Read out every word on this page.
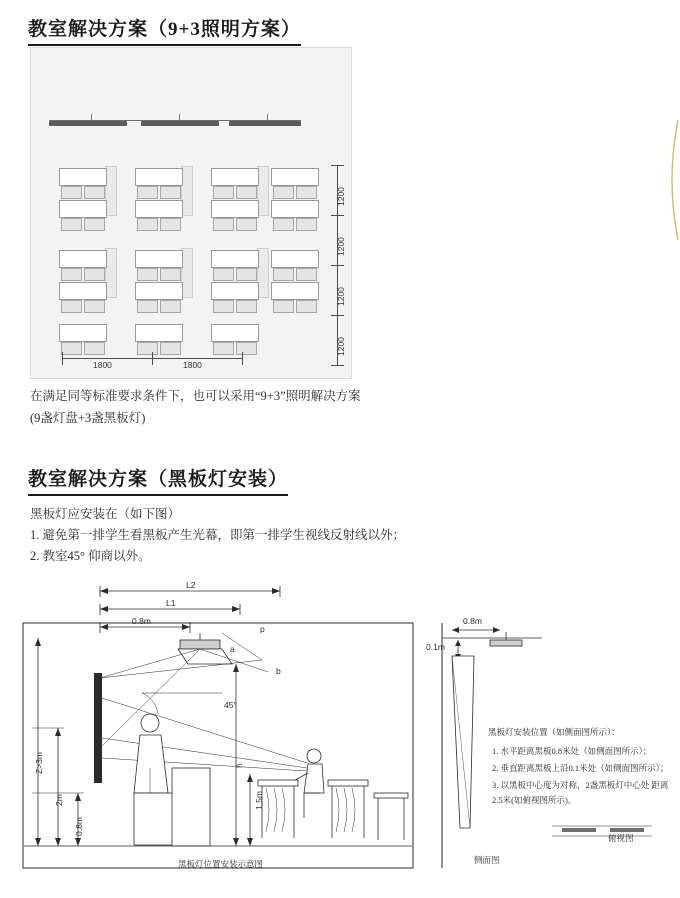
教室解决方案（9+3照明方案）
1200
1200
1200
1200
1800	1800
在满足同等标准要求条件下，也可以采用“9+3”照明解决方案
(9盏灯盘+3盏黑板灯)
教室解决方案（黑板灯安装）
黑板灯应安装在（如下图）
1. 避免第一排学生看黑板产生光幕，即第一排学生视线反射线以外；
2. 教室45° 仰商以外。
L2
L1
0.8m
p
a
b
45°
h
1.5m
Z>3m
2m
0.8m
0.8m
0.1m
黑板灯位置安装示意图	侧面图
俯视图
黑板灯安装位置（如侧面图所示）：
1. 水平距离黑板0.8米处（如侧面图所示）；
2. 垂直距离黑板上沿0.1米处（如侧面图所示）；
3. 以黑板中心度为对称，2盏黑板灯中心处 距离
2.5米(如俯视图所示)。
